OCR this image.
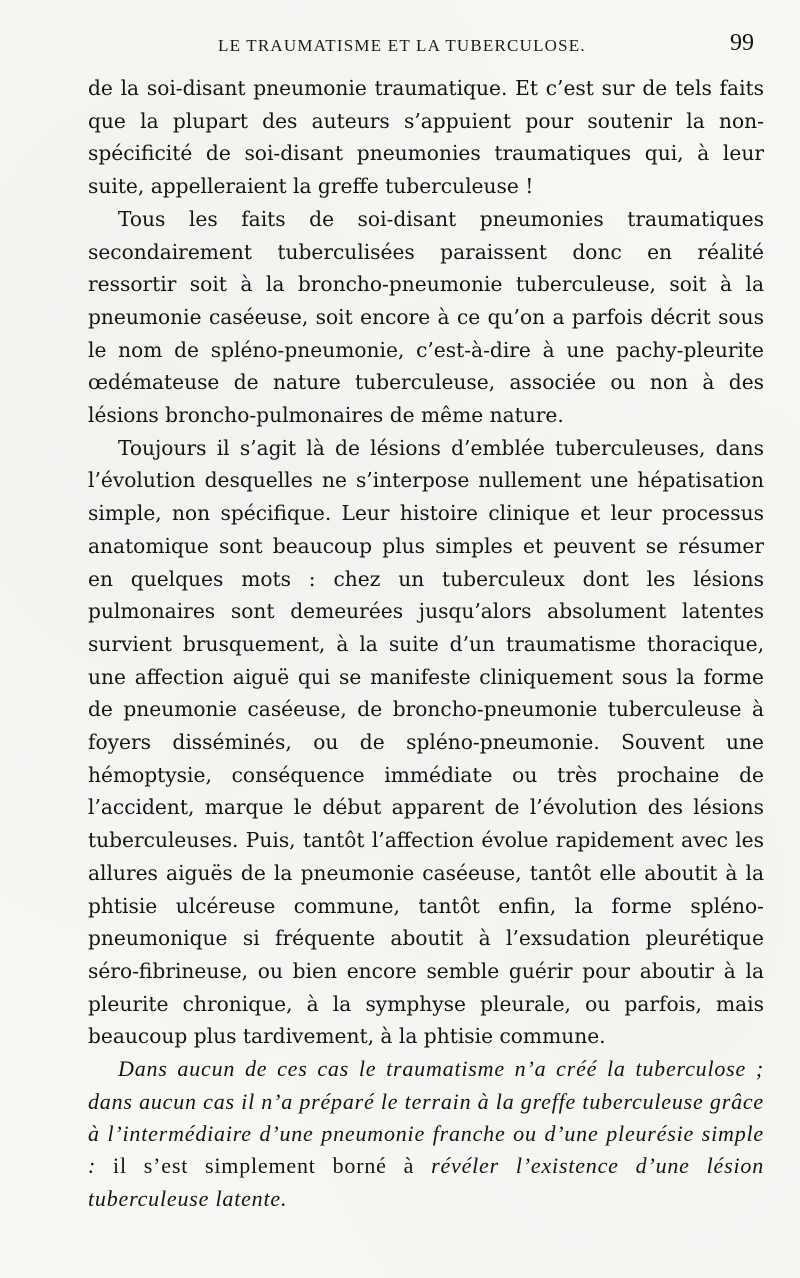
LE TRAUMATISME ET LA TUBERCULOSE.	99

de la soi-disant pneumonie traumatique. Et c’est sur de tels faits que la plupart des auteurs s’appuient pour soutenir la non-spécificité de soi-disant pneumonies traumatiques qui, à leur suite, appelleraient la greffe tuberculeuse !

Tous les faits de soi-disant pneumonies traumatiques secondairement tuberculisées paraissent donc en réalité ressortir soit à la broncho-pneumonie tuberculeuse, soit à la pneumonie caséeuse, soit encore à ce qu’on a parfois décrit sous le nom de spléno-pneumonie, c’est-à-dire à une pachy-pleurite œdémateuse de nature tuberculeuse, associée ou non à des lésions broncho-pulmonaires de même nature.

Toujours il s’agit là de lésions d’emblée tuberculeuses, dans l’évolution desquelles ne s’interpose nullement une hépatisation simple, non spécifique. Leur histoire clinique et leur processus anatomique sont beaucoup plus simples et peuvent se résumer en quelques mots : chez un tuberculeux dont les lésions pulmonaires sont demeurées jusqu’alors absolument latentes survient brusquement, à la suite d’un traumatisme thoracique, une affection aiguë qui se manifeste cliniquement sous la forme de pneumonie caséeuse, de broncho-pneumonie tuberculeuse à foyers disséminés, ou de spléno-pneumonie. Souvent une hémoptysie, conséquence immédiate ou très prochaine de l’accident, marque le début apparent de l’évolution des lésions tuberculeuses. Puis, tantôt l’affection évolue rapidement avec les allures aiguës de la pneumonie caséeuse, tantôt elle aboutit à la phtisie ulcéreuse commune, tantôt enfin, la forme spléno-pneumonique si fréquente aboutit à l’exsudation pleurétique séro-fibrineuse, ou bien encore semble guérir pour aboutir à la pleurite chronique, à la symphyse pleurale, ou parfois, mais beaucoup plus tardivement, à la phtisie commune.

Dans aucun de ces cas le traumatisme n’a créé la tuberculose ; dans aucun cas il n’a préparé le terrain à la greffe tuberculeuse grâce à l’intermédiaire d’une pneumonie franche ou d’une pleurésie simple : il s’est simplement borné à révéler l’existence d’une lésion tuberculeuse latente.
